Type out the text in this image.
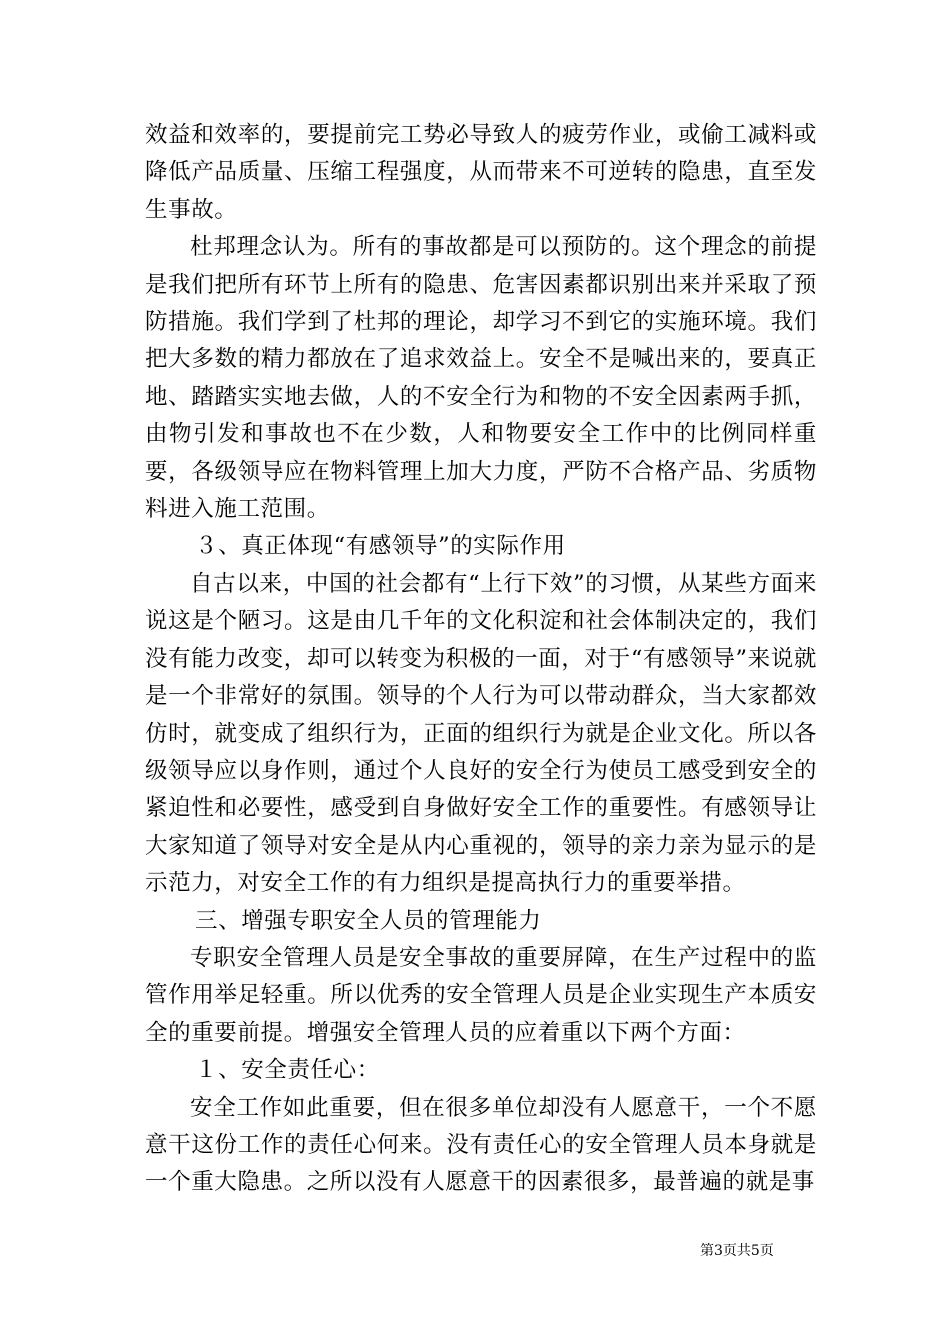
效益和效率的，要提前完工势必导致人的疲劳作业，或偷工减料或降低产品质量、压缩工程强度，从而带来不可逆转的隐患，直至发生事故。

杜邦理念认为。所有的事故都是可以预防的。这个理念的前提是我们把所有环节上所有的隐患、危害因素都识别出来并采取了预防措施。我们学到了杜邦的理论，却学习不到它的实施环境。我们把大多数的精力都放在了追求效益上。安全不是喊出来的，要真正地、踏踏实实地去做，人的不安全行为和物的不安全因素两手抓，由物引发和事故也不在少数，人和物要安全工作中的比例同样重要，各级领导应在物料管理上加大力度，严防不合格产品、劣质物料进入施工范围。

３、真正体现“有感领导”的实际作用

自古以来，中国的社会都有“上行下效”的习惯，从某些方面来说这是个陋习。这是由几千年的文化积淀和社会体制决定的，我们没有能力改变，却可以转变为积极的一面，对于“有感领导”来说就是一个非常好的氛围。领导的个人行为可以带动群众，当大家都效仿时，就变成了组织行为，正面的组织行为就是企业文化。所以各级领导应以身作则，通过个人良好的安全行为使员工感受到安全的紧迫性和必要性，感受到自身做好安全工作的重要性。有感领导让大家知道了领导对安全是从内心重视的，领导的亲力亲为显示的是示范力，对安全工作的有力组织是提高执行力的重要举措。

三、增强专职安全人员的管理能力

专职安全管理人员是安全事故的重要屏障，在生产过程中的监管作用举足轻重。所以优秀的安全管理人员是企业实现生产本质安全的重要前提。增强安全管理人员的应着重以下两个方面：

１、安全责任心：

安全工作如此重要，但在很多单位却没有人愿意干，一个不愿意干这份工作的责任心何来。没有责任心的安全管理人员本身就是一个重大隐患。之所以没有人愿意干的因素很多，最普遍的就是事

第3页共5页
